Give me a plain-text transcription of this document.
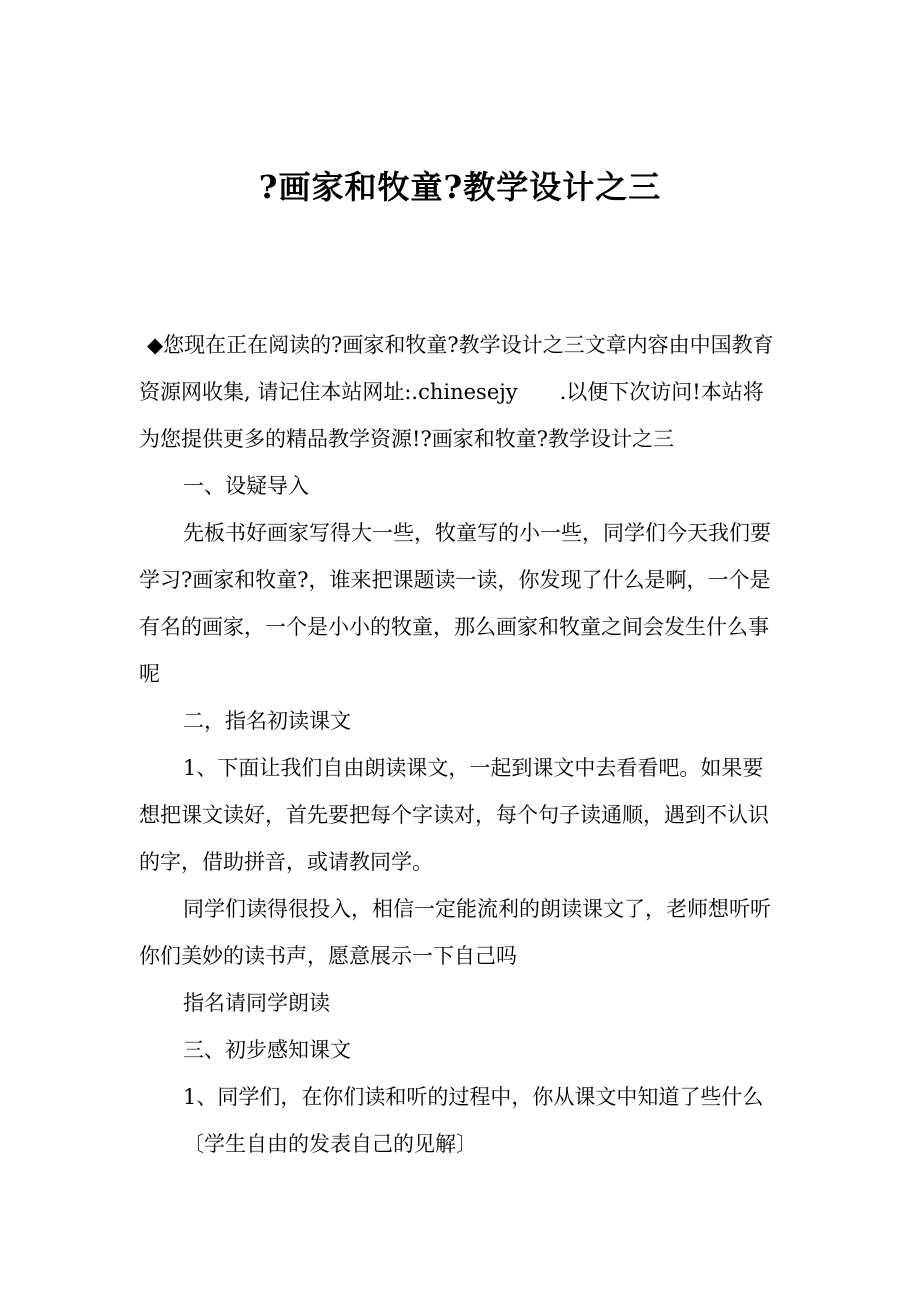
?画家和牧童?教学设计之三

◆您现在正在阅读的?画家和牧童?教学设计之三文章内容由中国教育资源网收集, 请记住本站网址:.chinesejy　　.以便下次访问!本站将为您提供更多的精品教学资源!?画家和牧童?教学设计之三

一、设疑导入

先板书好画家写得大一些，牧童写的小一些，同学们今天我们要学习?画家和牧童?，谁来把课题读一读，你发现了什么是啊，一个是有名的画家，一个是小小的牧童，那么画家和牧童之间会发生什么事呢

二，指名初读课文

1、下面让我们自由朗读课文，一起到课文中去看看吧。如果要想把课文读好，首先要把每个字读对，每个句子读通顺，遇到不认识的字，借助拼音，或请教同学。

同学们读得很投入，相信一定能流利的朗读课文了，老师想听听你们美妙的读书声，愿意展示一下自己吗

指名请同学朗读

三、初步感知课文

1、同学们，在你们读和听的过程中，你从课文中知道了些什么

〔学生自由的发表自己的见解〕
